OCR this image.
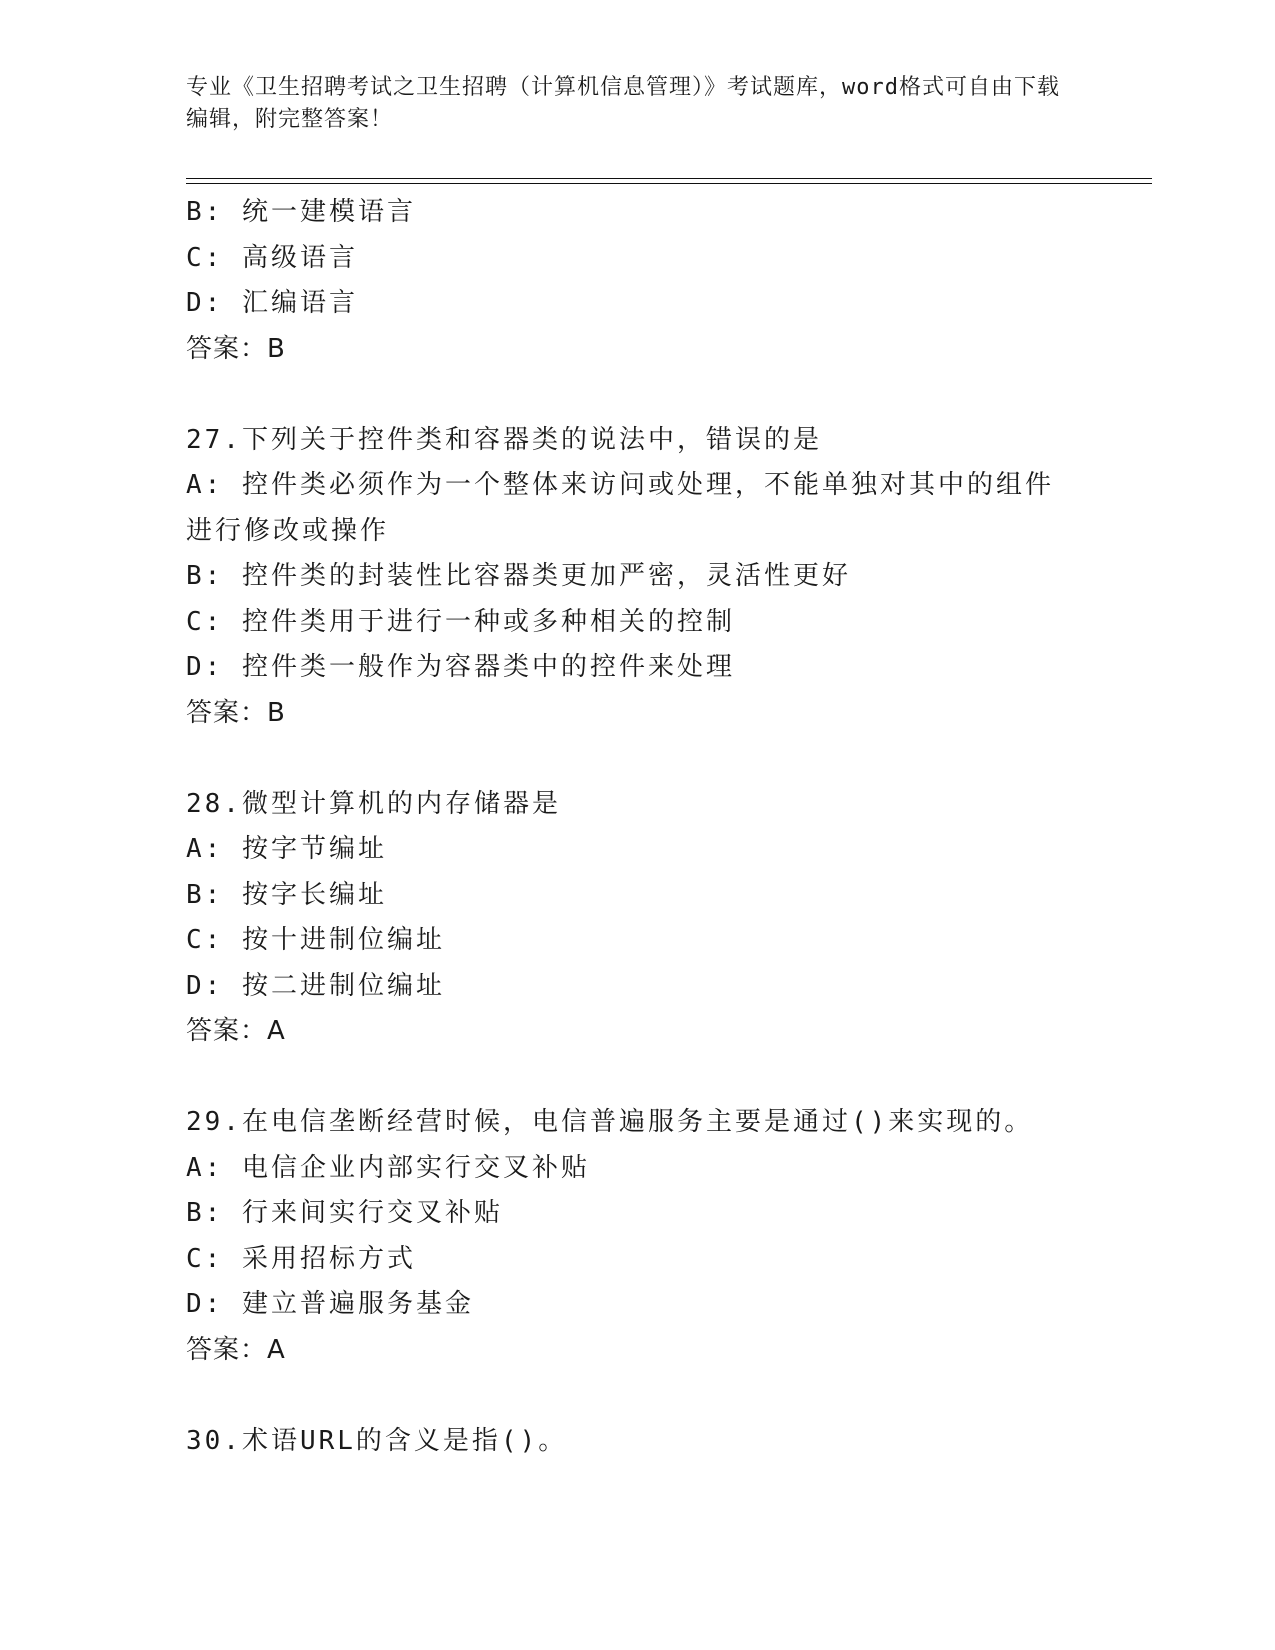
专业《卫生招聘考试之卫生招聘（计算机信息管理）》考试题库，word格式可自由下载编辑，附完整答案！
B: 统一建模语言
C: 高级语言
D: 汇编语言
答案：B
27.下列关于控件类和容器类的说法中，错误的是
A: 控件类必须作为一个整体来访问或处理，不能单独对其中的组件进行修改或操作
B: 控件类的封装性比容器类更加严密，灵活性更好
C: 控件类用于进行一种或多种相关的控制
D: 控件类一般作为容器类中的控件来处理
答案：B
28.微型计算机的内存储器是
A: 按字节编址
B: 按字长编址
C: 按十进制位编址
D: 按二进制位编址
答案：A
29.在电信垄断经营时候，电信普遍服务主要是通过()来实现的。
A: 电信企业内部实行交叉补贴
B: 行来间实行交叉补贴
C: 采用招标方式
D: 建立普遍服务基金
答案：A
30.术语URL的含义是指()。
